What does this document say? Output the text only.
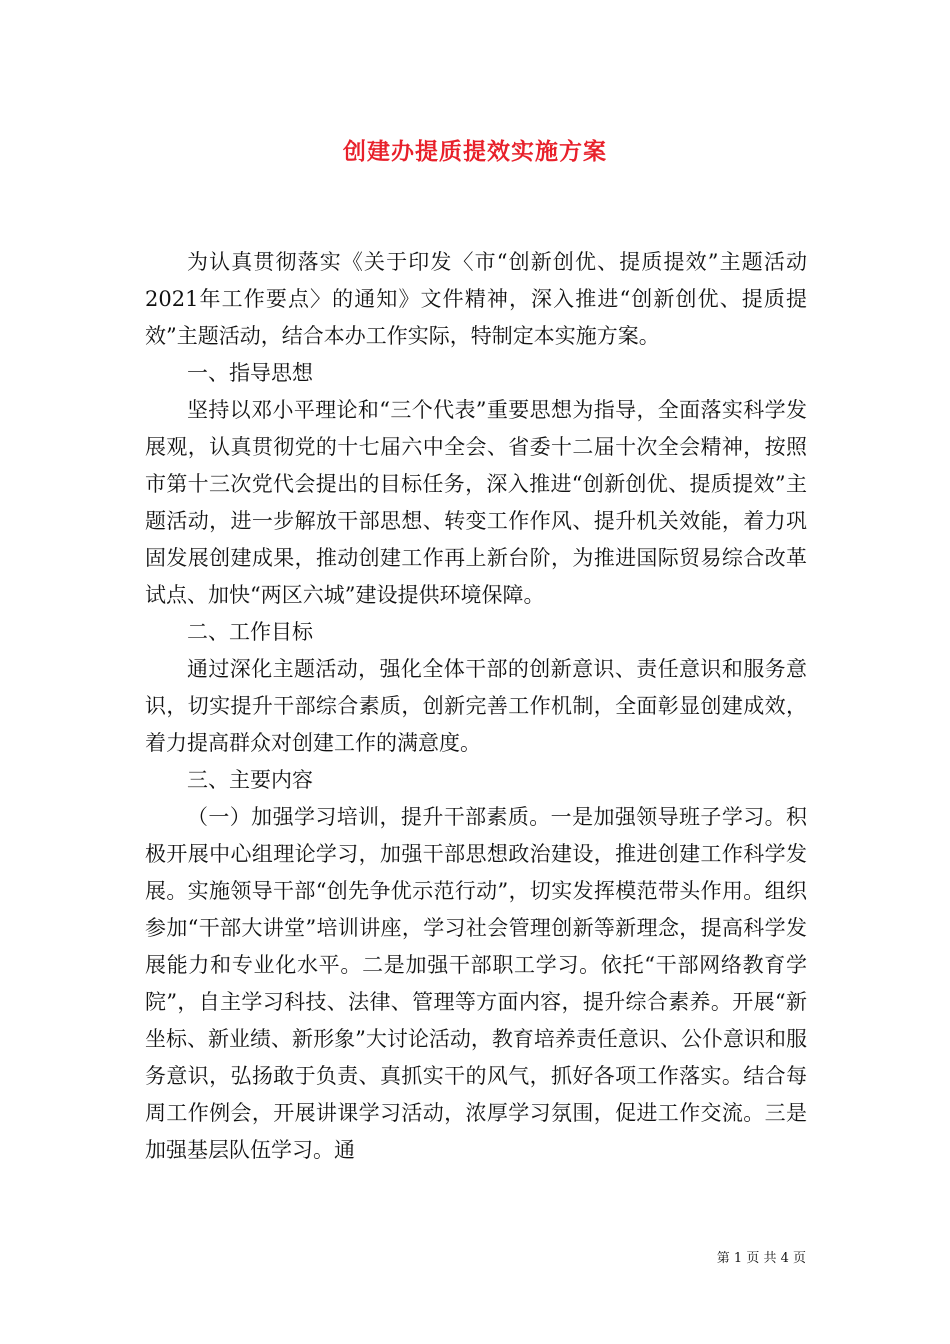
创建办提质提效实施方案

为认真贯彻落实《关于印发〈市“创新创优、提质提效”主题活动2021年工作要点〉的通知》文件精神，深入推进“创新创优、提质提效”主题活动，结合本办工作实际，特制定本实施方案。

一、指导思想

坚持以邓小平理论和“三个代表”重要思想为指导，全面落实科学发展观，认真贯彻党的十七届六中全会、省委十二届十次全会精神，按照市第十三次党代会提出的目标任务，深入推进“创新创优、提质提效”主题活动，进一步解放干部思想、转变工作作风、提升机关效能，着力巩固发展创建成果，推动创建工作再上新台阶，为推进国际贸易综合改革试点、加快“两区六城”建设提供环境保障。

二、工作目标

通过深化主题活动，强化全体干部的创新意识、责任意识和服务意识，切实提升干部综合素质，创新完善工作机制，全面彰显创建成效，着力提高群众对创建工作的满意度。

三、主要内容

（一）加强学习培训，提升干部素质。一是加强领导班子学习。积极开展中心组理论学习，加强干部思想政治建设，推进创建工作科学发展。实施领导干部“创先争优示范行动”，切实发挥模范带头作用。组织参加“干部大讲堂”培训讲座，学习社会管理创新等新理念，提高科学发展能力和专业化水平。二是加强干部职工学习。依托“干部网络教育学院”，自主学习科技、法律、管理等方面内容，提升综合素养。开展“新坐标、新业绩、新形象”大讨论活动，教育培养责任意识、公仆意识和服务意识，弘扬敢于负责、真抓实干的风气，抓好各项工作落实。结合每周工作例会，开展讲课学习活动，浓厚学习氛围，促进工作交流。三是加强基层队伍学习。通

第 1 页 共 4 页
